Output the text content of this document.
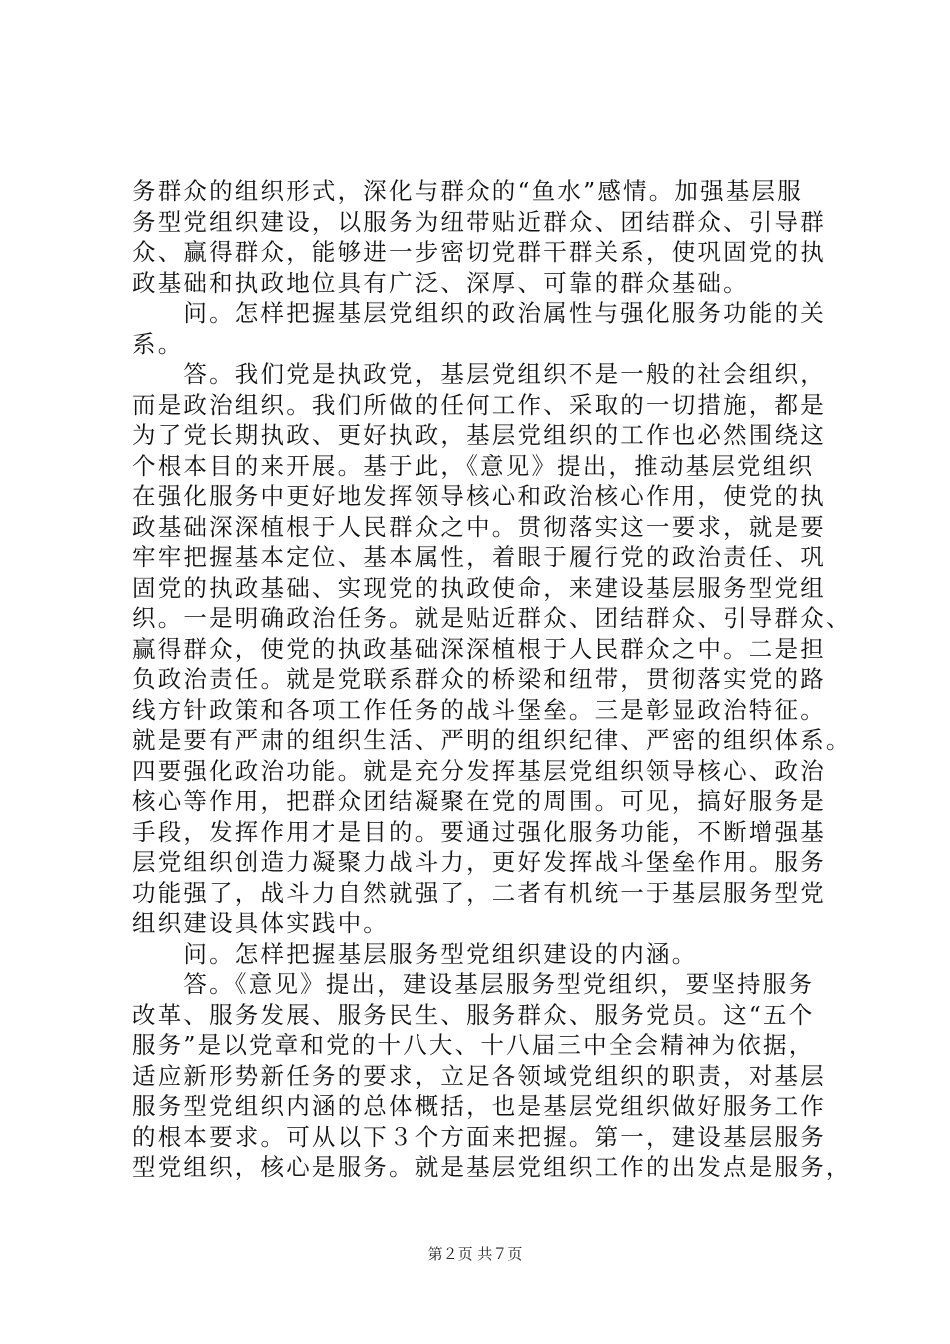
务群众的组织形式，深化与群众的“鱼水”感情。加强基层服
务型党组织建设，以服务为纽带贴近群众、团结群众、引导群
众、赢得群众，能够进一步密切党群干群关系，使巩固党的执
政基础和执政地位具有广泛、深厚、可靠的群众基础。
　　问。怎样把握基层党组织的政治属性与强化服务功能的关
系。
　　答。我们党是执政党，基层党组织不是一般的社会组织，
而是政治组织。我们所做的任何工作、采取的一切措施，都是
为了党长期执政、更好执政，基层党组织的工作也必然围绕这
个根本目的来开展。基于此，《意见》提出，推动基层党组织
在强化服务中更好地发挥领导核心和政治核心作用，使党的执
政基础深深植根于人民群众之中。贯彻落实这一要求，就是要
牢牢把握基本定位、基本属性，着眼于履行党的政治责任、巩
固党的执政基础、实现党的执政使命，来建设基层服务型党组
织。一是明确政治任务。就是贴近群众、团结群众、引导群众、
赢得群众，使党的执政基础深深植根于人民群众之中。二是担
负政治责任。就是党联系群众的桥梁和纽带，贯彻落实党的路
线方针政策和各项工作任务的战斗堡垒。三是彰显政治特征。
就是要有严肃的组织生活、严明的组织纪律、严密的组织体系。
四要强化政治功能。就是充分发挥基层党组织领导核心、政治
核心等作用，把群众团结凝聚在党的周围。可见，搞好服务是
手段，发挥作用才是目的。要通过强化服务功能，不断增强基
层党组织创造力凝聚力战斗力，更好发挥战斗堡垒作用。服务
功能强了，战斗力自然就强了，二者有机统一于基层服务型党
组织建设具体实践中。
　　问。怎样把握基层服务型党组织建设的内涵。
　　答。《意见》提出，建设基层服务型党组织，要坚持服务
改革、服务发展、服务民生、服务群众、服务党员。这“五个
服务”是以党章和党的十八大、十八届三中全会精神为依据，
适应新形势新任务的要求，立足各领域党组织的职责，对基层
服务型党组织内涵的总体概括，也是基层党组织做好服务工作
的根本要求。可从以下３个方面来把握。第一，建设基层服务
型党组织，核心是服务。就是基层党组织工作的出发点是服务，
第２页 共７页
